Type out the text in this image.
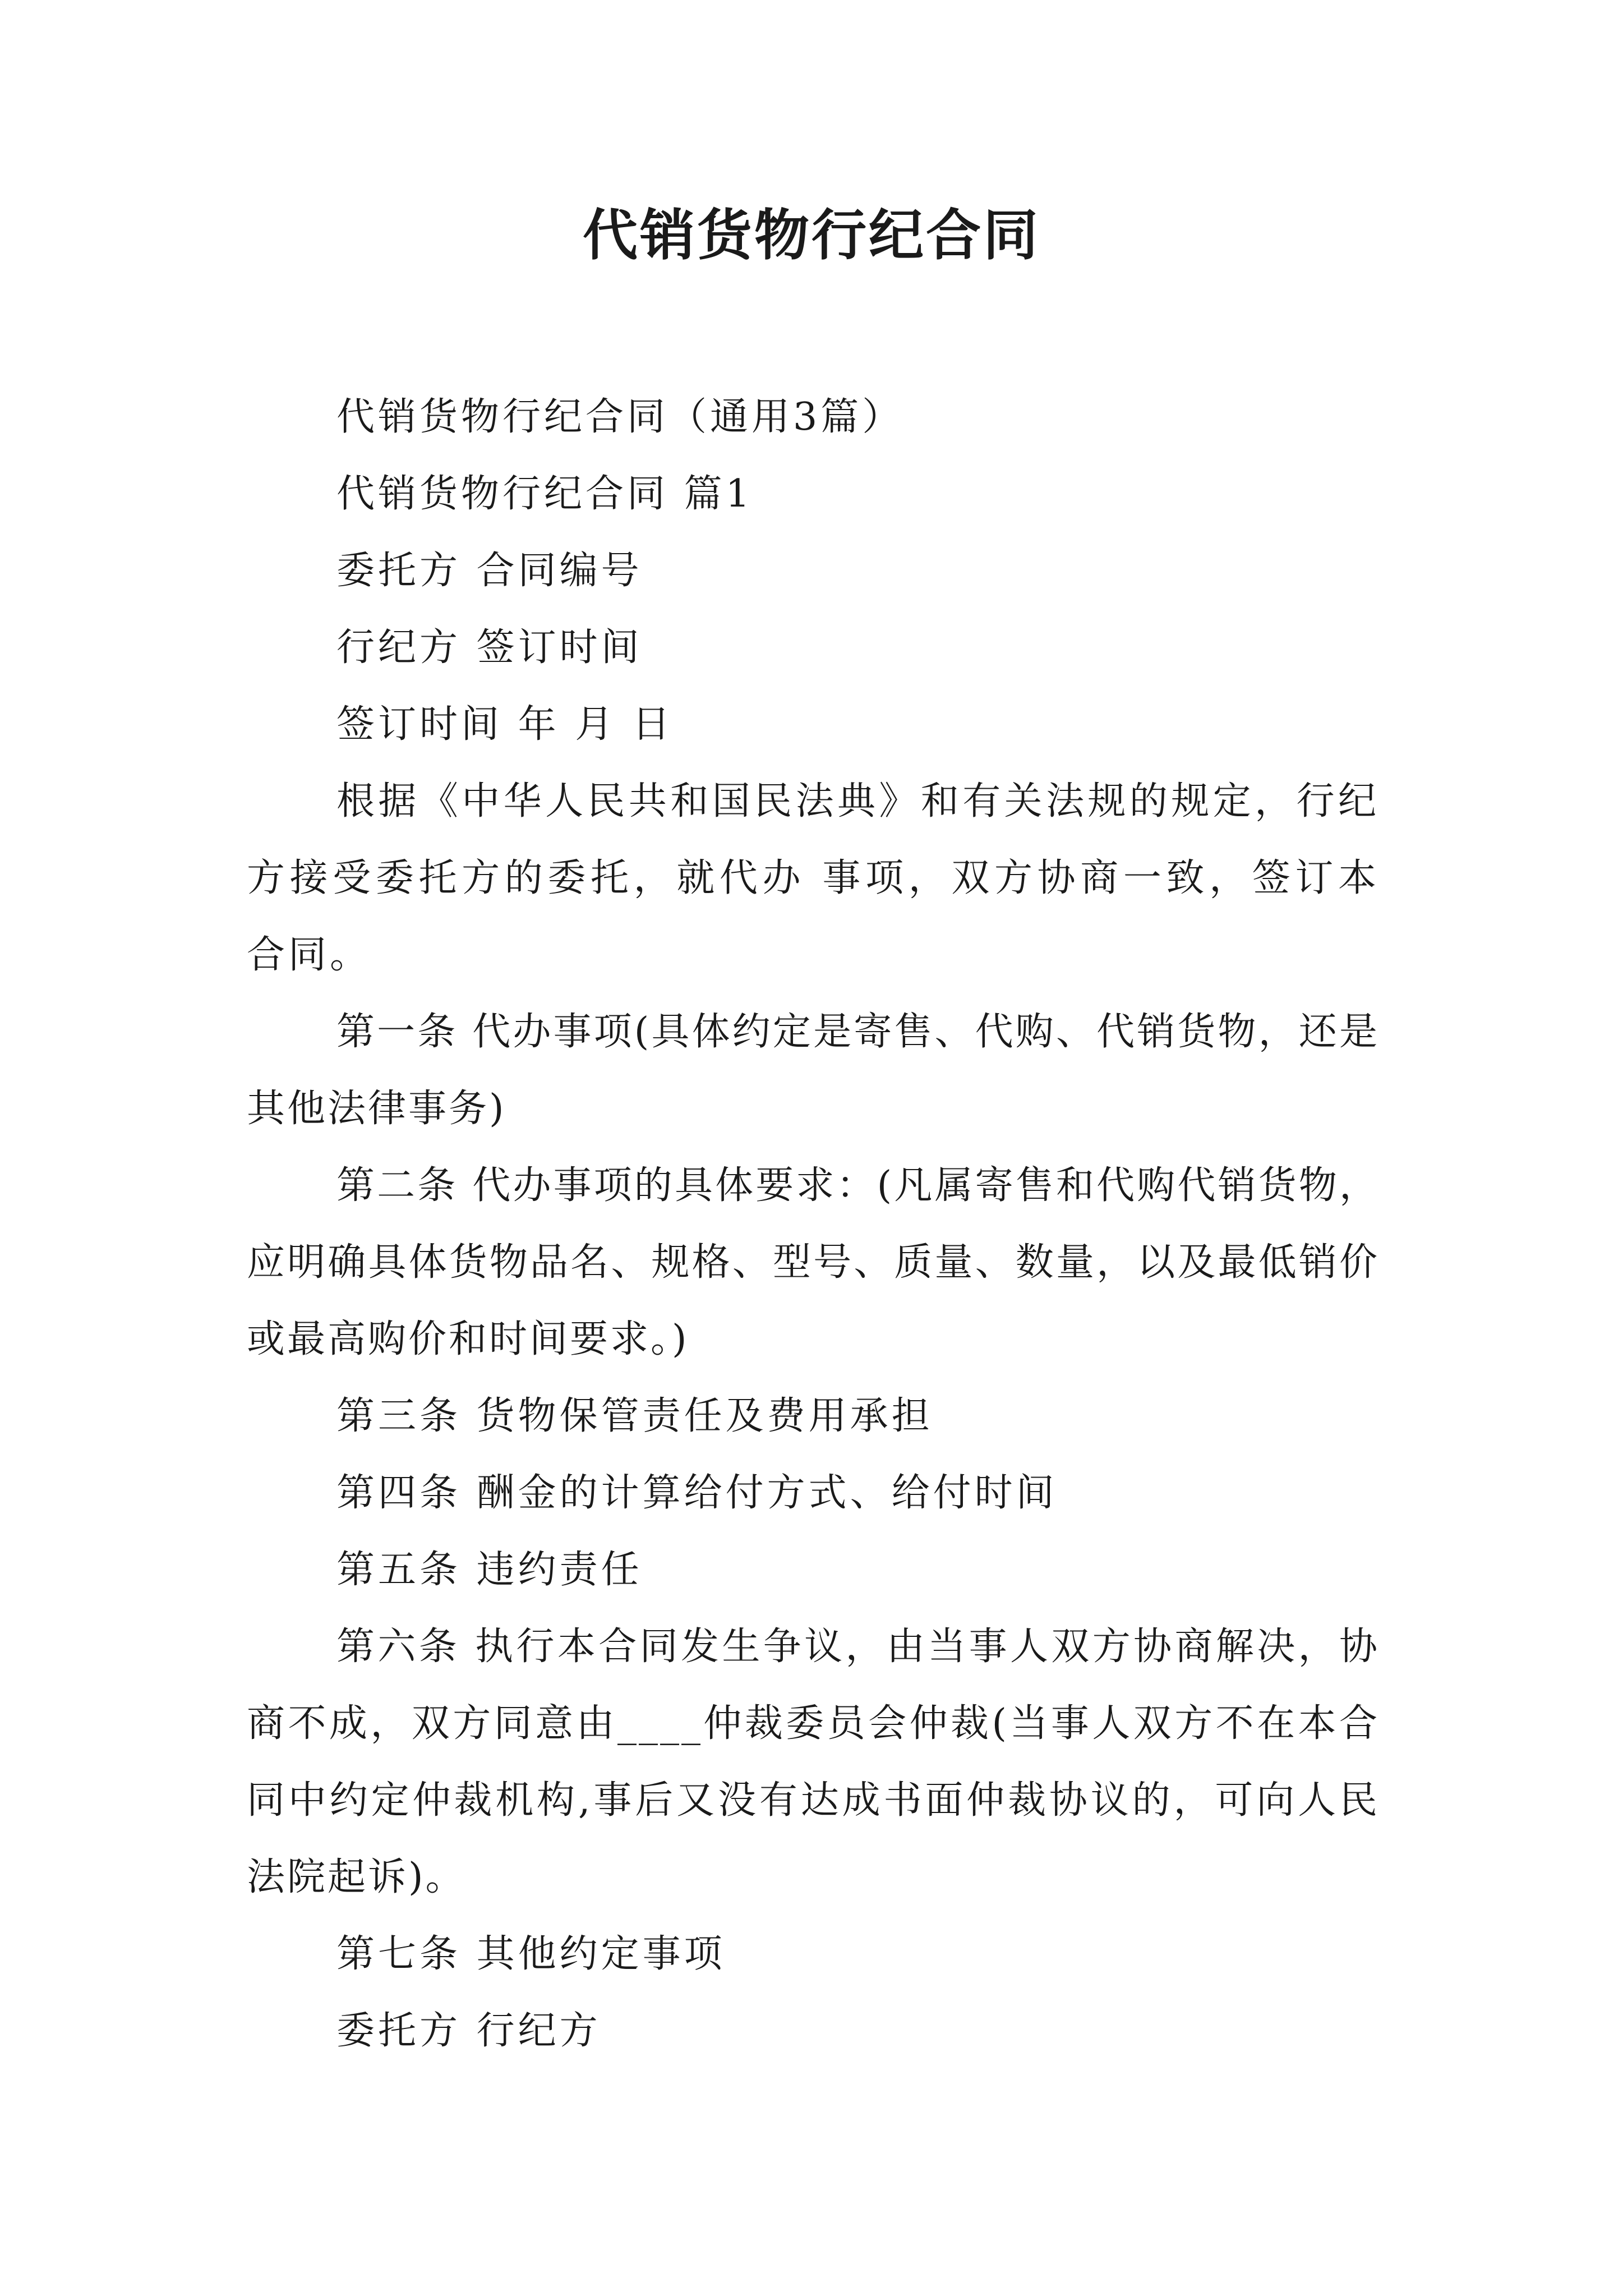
代销货物行纪合同

代销货物行纪合同（通用3篇）

代销货物行纪合同 篇1

委托方 合同编号

行纪方 签订时间

签订时间 年 月 日

根据《中华人民共和国民法典》和有关法规的规定，行纪方接受委托方的委托，就代办 事项，双方协商一致，签订本合同。

第一条 代办事项(具体约定是寄售、代购、代销货物，还是其他法律事务)

第二条 代办事项的具体要求：(凡属寄售和代购代销货物，应明确具体货物品名、规格、型号、质量、数量，以及最低销价或最高购价和时间要求。)

第三条 货物保管责任及费用承担

第四条 酬金的计算给付方式、给付时间

第五条 违约责任

第六条 执行本合同发生争议，由当事人双方协商解决，协商不成，双方同意由____仲裁委员会仲裁(当事人双方不在本合同中约定仲裁机构,事后又没有达成书面仲裁协议的，可向人民法院起诉)。

第七条 其他约定事项

委托方 行纪方
